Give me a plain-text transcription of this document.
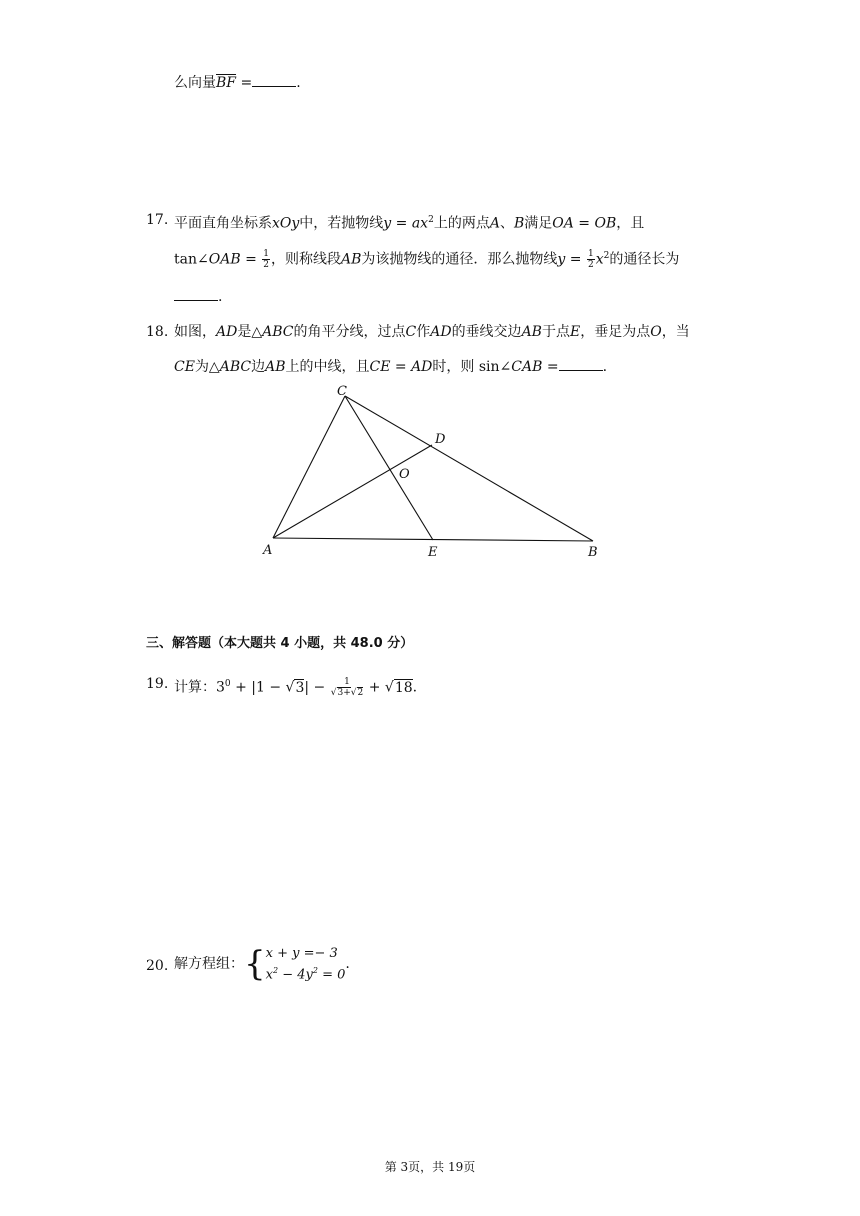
么向量$\overline{BF}$ =	.
17. 平面直角坐标系xOy中，若抛物线$y = ax^2$上的两点A、B满足OA = OB，且
tan∠OAB = $\frac{1}{2}$ ，则称线段AB为该抛物线的通径．那么抛物线$y = \frac{1}{2} x^2$的通径长为
.
18. 如图，AD是△ABC的角平分线，过点C作AD的垂线交边AB于点E，垂足为点O，当
CE为△ABC边AB上的中线，且CE = AD时，则 sin∠CAB =	.
C
D
O
A	E	B
三、解答题（本大题共 4 小题，共 48.0 分）
19. 计算：$3^0 + |1 - √3| - \frac{1}{√3+√2} + √18$.
20. 解方程组：{ x + y =− 3
$x^2 - 4y^2 = 0$
.
第 3页，共 19页
